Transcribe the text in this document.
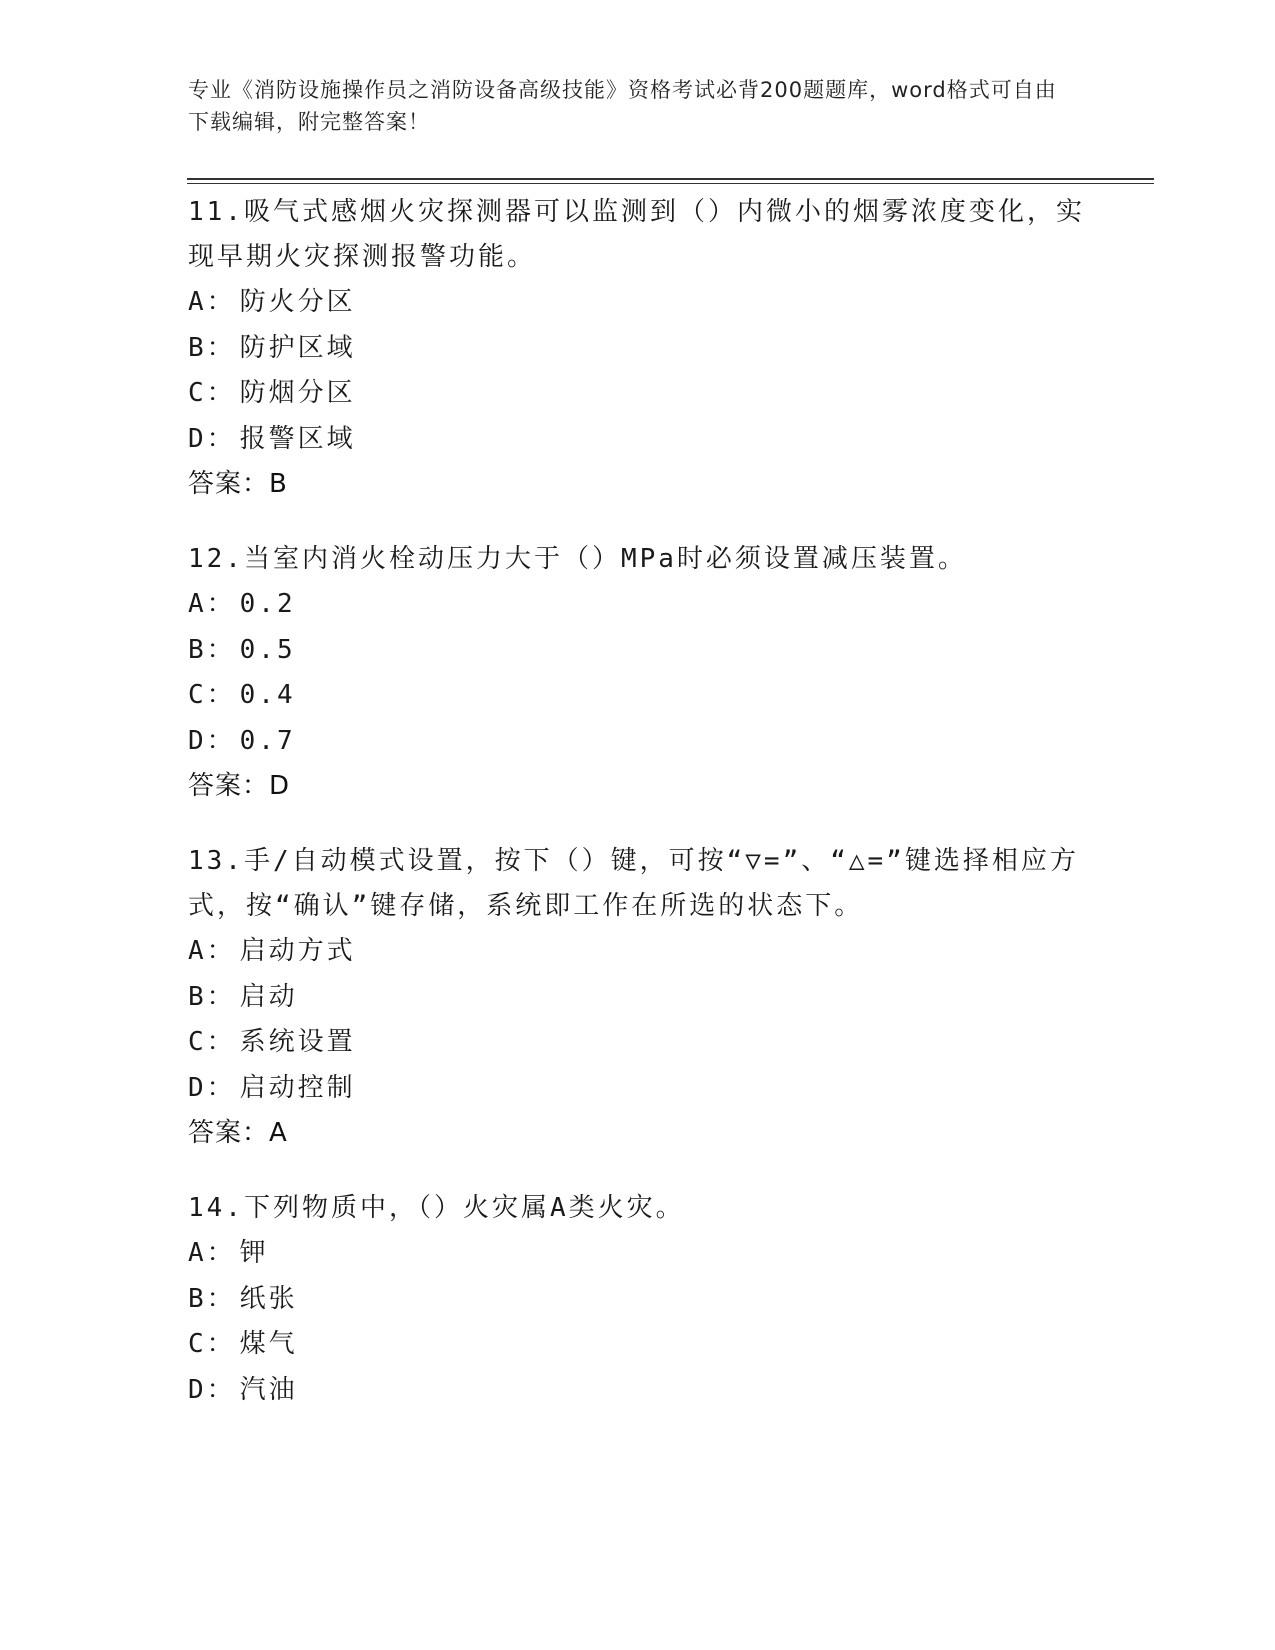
专业《消防设施操作员之消防设备高级技能》资格考试必背200题题库，word格式可自由下载编辑，附完整答案！
11.吸气式感烟火灾探测器可以监测到（）内微小的烟雾浓度变化，实现早期火灾探测报警功能。
A： 防火分区
B： 防护区域
C： 防烟分区
D： 报警区域
答案：B
12.当室内消火栓动压力大于（）MPa时必须设置减压装置。
A： 0.2
B： 0.5
C： 0.4
D： 0.7
答案：D
13.手/自动模式设置，按下（）键，可按“▽=”、“△=”键选择相应方式，按“确认”键存储，系统即工作在所选的状态下。
A： 启动方式
B： 启动
C： 系统设置
D： 启动控制
答案：A
14.下列物质中，（）火灾属A类火灾。
A： 钾
B： 纸张
C： 煤气
D： 汽油
